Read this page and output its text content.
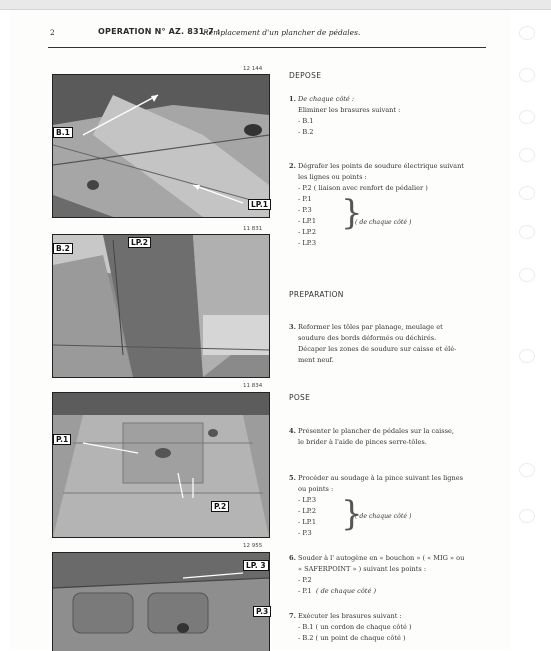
2	OPERATION N° AZ. 831-7 :
Remplacement d'un plancher de pédales.
12 144
B.1
LP.1
11 831
B.2
LP.2
11 834
P.1
P.2
12 955
LP. 3
P.3
DEPOSE
1. De chaque côté :
Eliminer les brasures suivant :
- B.1
- B.2
2. Dégrafer les points de soudure électrique suivant
les lignes ou points :
- P.2 ( liaison avec renfort de pédalier )
- P.1
- P.3
- LP.1
- LP.2
- LP.3
}
( de chaque côté )
PREPARATION
3. Reformer les tôles par planage, meulage et
soudure des bords déformés ou déchirés.
Décaper les zones de soudure sur caisse et élé-
ment neuf.
POSE
4. Présenter le plancher de pédales sur la caisse,
le brider à l'aide de pinces serre-tôles.
5. Procéder au soudage à la pince suivant les lignes
ou points :
- LP.3
- LP.2
- LP.1
- P.3 }
( de chaque côté )
6. Souder à l' autogène en « bouchon » ( « MIG » ou
« SAFERPOINT » ) suivant les points :
- P.2
- P.1 ( de chaque côté )
7. Exécuter les brasures suivant :
- B.1 ( un cordon de chaque côté )
- B.2 ( un point de chaque côté )
